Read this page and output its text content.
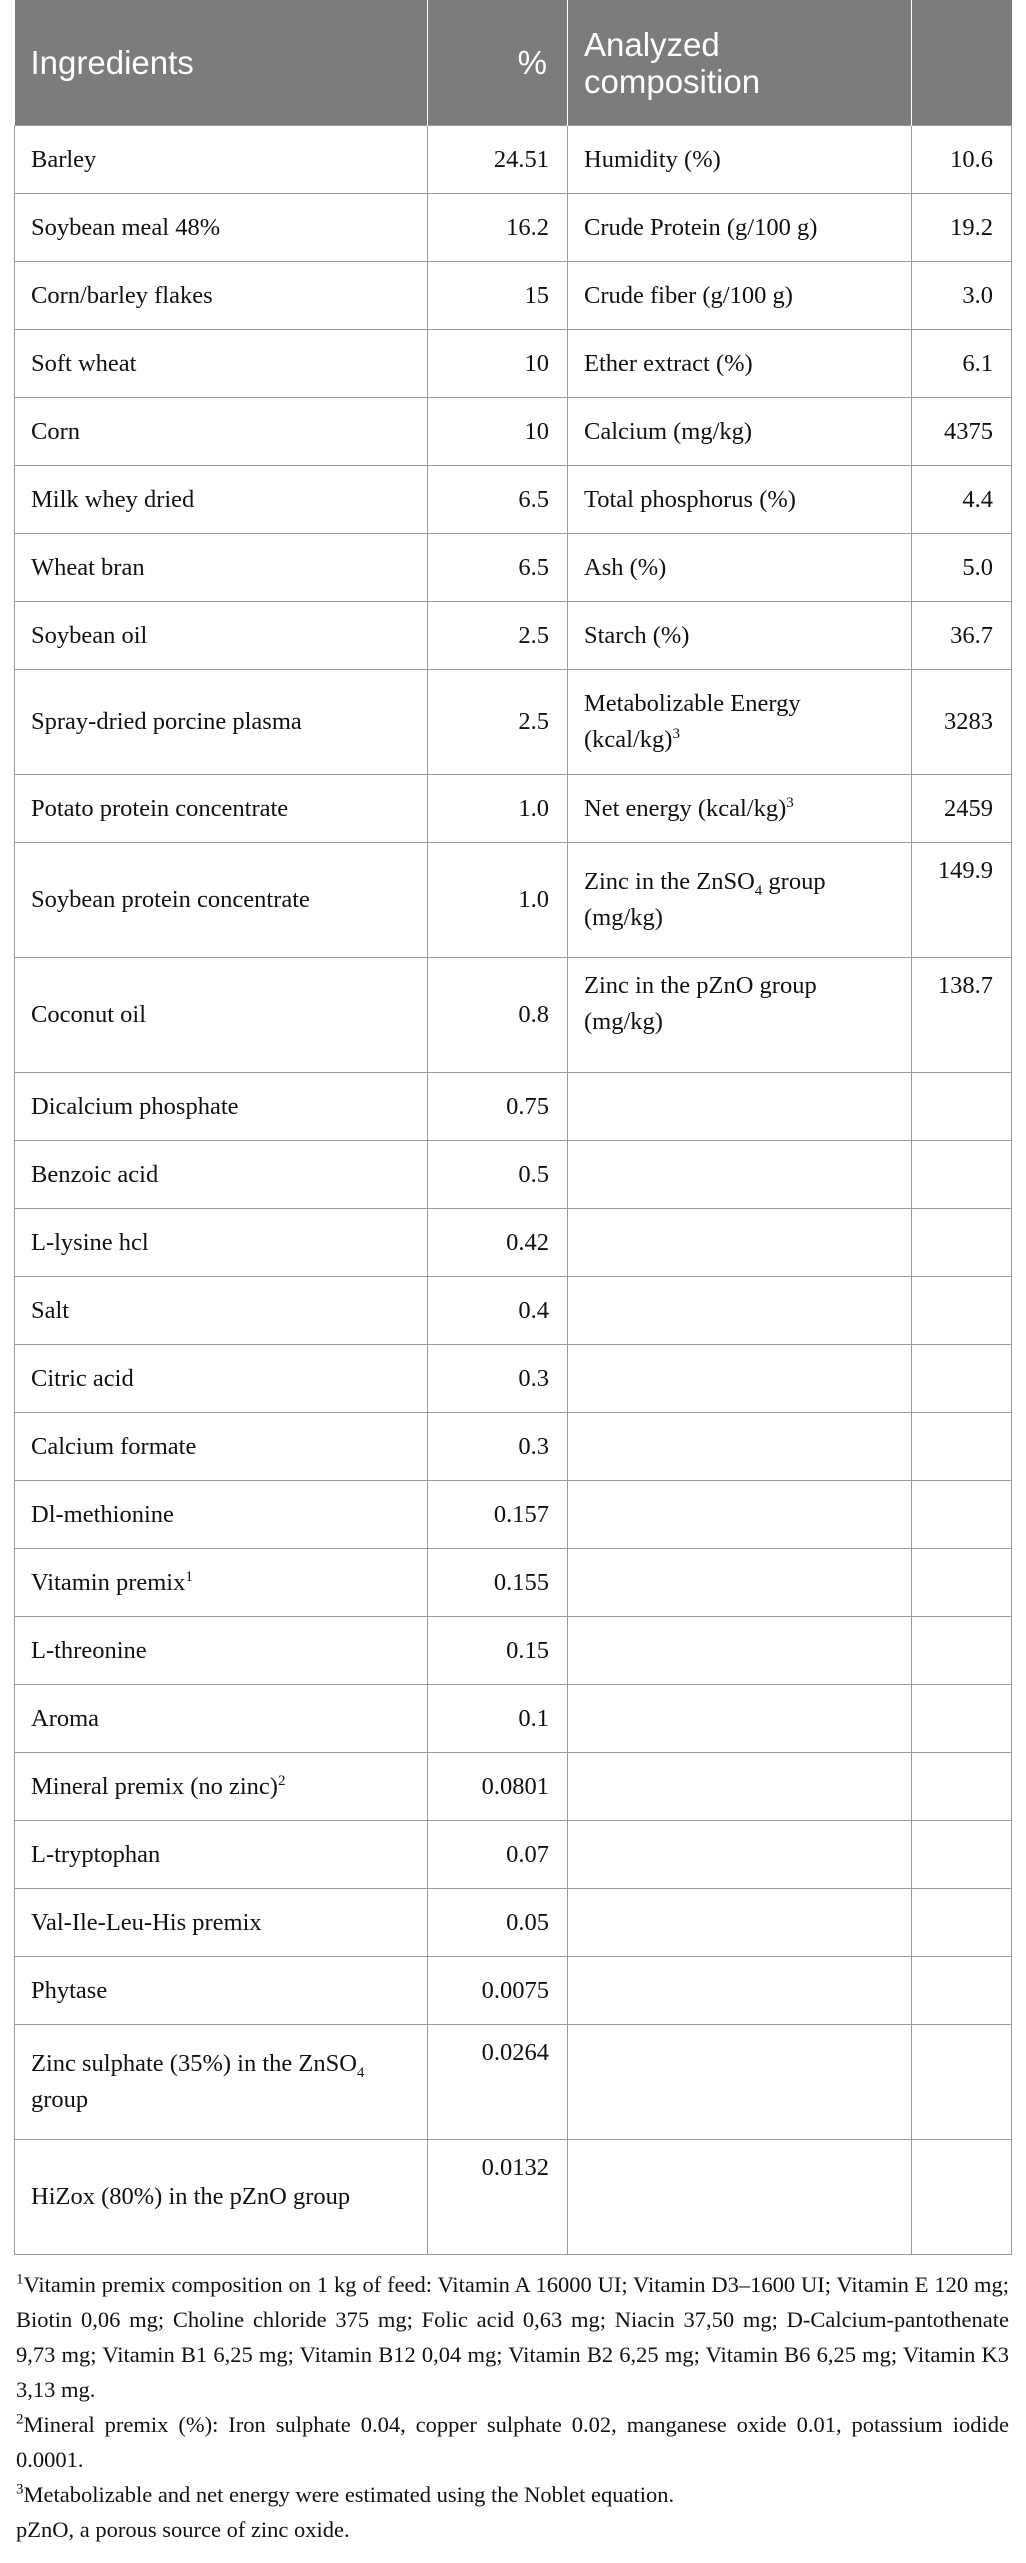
Ingredients	%	Analyzed composition	
Barley	24.51	Humidity (%)	10.6
Soybean meal 48%	16.2	Crude Protein (g/100 g)	19.2
Corn/barley flakes	15	Crude fiber (g/100 g)	3.0
Soft wheat	10	Ether extract (%)	6.1
Corn	10	Calcium (mg/kg)	4375
Milk whey dried	6.5	Total phosphorus (%)	4.4
Wheat bran	6.5	Ash (%)	5.0
Soybean oil	2.5	Starch (%)	36.7
Spray-dried porcine plasma	2.5	Metabolizable Energy (kcal/kg)$^3$	3283
Potato protein concentrate	1.0	Net energy (kcal/kg)$^3$	2459
Soybean protein concentrate	1.0	Zinc in the ZnSO$_4$ group (mg/kg)	149.9
Coconut oil	0.8	Zinc in the pZnO group (mg/kg)	138.7
Dicalcium phosphate	0.75		
Benzoic acid	0.5		
L-lysine hcl	0.42		
Salt	0.4		
Citric acid	0.3		
Calcium formate	0.3		
Dl-methionine	0.157		
Vitamin premix$^1$	0.155		
L-threonine	0.15		
Aroma	0.1		
Mineral premix (no zinc)$^2$	0.0801		
L-tryptophan	0.07		
Val-Ile-Leu-His premix	0.05		
Phytase	0.0075		
Zinc sulphate (35%) in the ZnSO$_4$ group	0.0264		
HiZox (80%) in the pZnO group	0.0132		

$^1$Vitamin premix composition on 1 kg of feed: Vitamin A 16000 UI; Vitamin D3–1600 UI; Vitamin E 120 mg; Biotin 0,06 mg; Choline chloride 375 mg; Folic acid 0,63 mg; Niacin 37,50 mg; D-Calcium-pantothenate 9,73 mg; Vitamin B1 6,25 mg; Vitamin B12 0,04 mg; Vitamin B2 6,25 mg; Vitamin B6 6,25 mg; Vitamin K3 3,13 mg.

$^2$Mineral premix (%): Iron sulphate 0.04, copper sulphate 0.02, manganese oxide 0.01, potassium iodide 0.0001.

$^3$Metabolizable and net energy were estimated using the Noblet equation.

pZnO, a porous source of zinc oxide.
